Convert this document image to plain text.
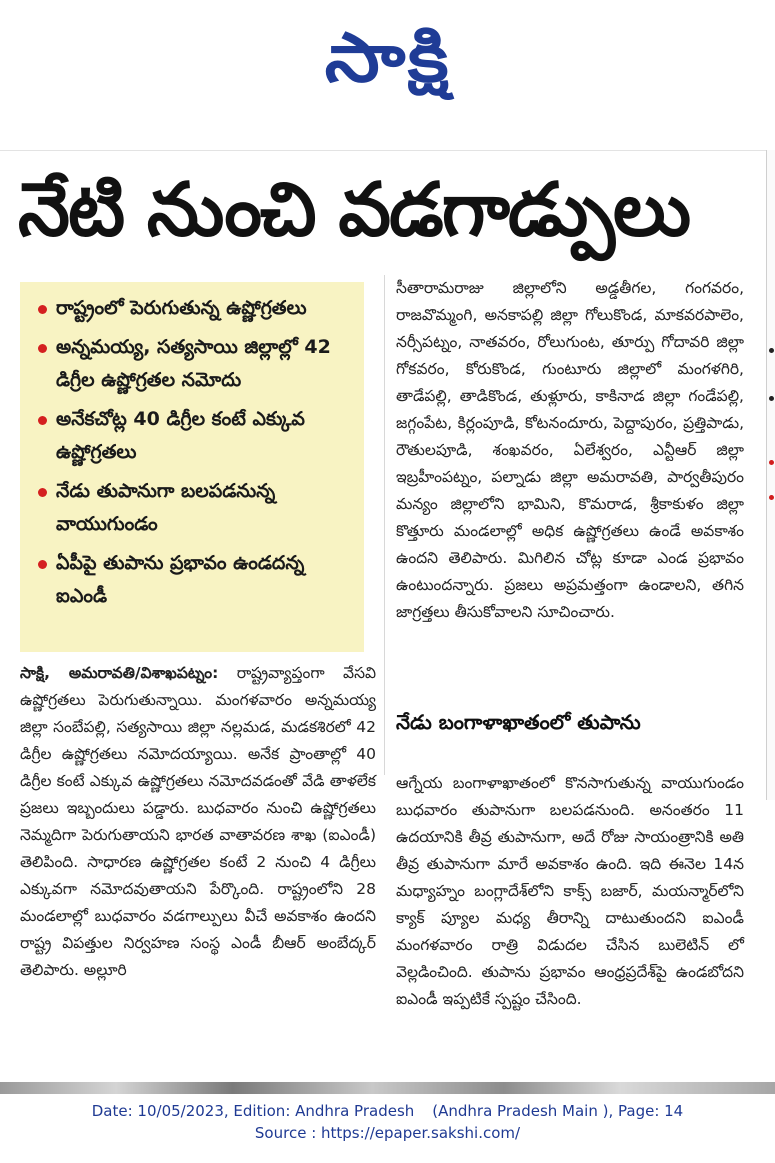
సాక్షి
నేటి నుంచి వడగాడ్పులు
రాష్ట్రంలో పెరుగుతున్న ఉష్ణోగ్రతలు
అన్నమయ్య, సత్యసాయి జిల్లాల్లో 42 డిగ్రీల ఉష్ణోగ్రతల నమోదు
అనేకచోట్ల 40 డిగ్రీల కంటే ఎక్కువ ఉష్ణోగ్రతలు
నేడు తుపానుగా బలపడనున్న వాయుగుండం
ఏపీపై తుపాను ప్రభావం ఉండదన్న ఐఎండీ
సాక్షి, అమరావతి/విశాఖపట్నం: రాష్ట్రవ్యాప్తంగా వేసవి ఉష్ణోగ్రతలు పెరుగుతున్నాయి. మంగళవారం అన్నమయ్య జిల్లా సంబేపల్లి, సత్యసాయి జిల్లా నల్లమడ, మడకశిరలో 42 డిగ్రీల ఉష్ణోగ్రతలు నమోదయ్యాయి. అనేక ప్రాంతాల్లో 40 డిగ్రీల కంటే ఎక్కువ ఉష్ణోగ్రతలు నమోదవడంతో వేడి తాళలేక ప్రజలు ఇబ్బందులు పడ్డారు. బుధవారం నుంచి ఉష్ణోగ్రతలు నెమ్మదిగా పెరుగుతాయని భారత వాతావరణ శాఖ (ఐఎండీ) తెలిపింది. సాధారణ ఉష్ణోగ్రతల కంటే 2 నుంచి 4 డిగ్రీలు ఎక్కువగా నమోదవుతాయని పేర్కొంది. రాష్ట్రంలోని 28 మండలాల్లో బుధవారం వడగాల్పులు వీచే అవకాశం ఉందని రాష్ట్ర విపత్తుల నిర్వహణ సంస్థ ఎండీ బీఆర్ అంబేద్కర్ తెలిపారు. అల్లూరి
సీతారామరాజు జిల్లాలోని అడ్డతీగల, గంగవరం, రాజవొమ్మంగి, అనకాపల్లి జిల్లా గోలుకొండ, మాకవరపాలెం, నర్సీపట్నం, నాతవరం, రోలుగుంట, తూర్పు గోదావరి జిల్లా గోకవరం, కోరుకొండ, గుంటూరు జిల్లాలో మంగళగిరి, తాడేపల్లి, తాడికొండ, తుళ్లూరు, కాకినాడ జిల్లా గండేపల్లి, జగ్గంపేట, కిర్లంపూడి, కోటనందూరు, పెద్దాపురం, ప్రత్తిపాడు, రౌతులపూడి, శంఖవరం, ఏలేశ్వరం, ఎన్టీఆర్ జిల్లా ఇబ్రహీంపట్నం, పల్నాడు జిల్లా అమరావతి, పార్వతీపురం మన్యం జిల్లాలోని భామిని, కొమరాడ, శ్రీకాకుళం జిల్లా కొత్తూరు మండలాల్లో అధిక ఉష్ణోగ్రతలు ఉండే అవకాశం ఉందని తెలిపారు. మిగిలిన చోట్ల కూడా ఎండ ప్రభావం ఉంటుందన్నారు. ప్రజలు అప్రమత్తంగా ఉండాలని, తగిన జాగ్రత్తలు తీసుకోవాలని సూచించారు.
నేడు బంగాళాఖాతంలో తుపాను
ఆగ్నేయ బంగాళాఖాతంలో కొనసాగుతున్న వాయుగుండం బుధవారం తుపానుగా బలపడనుంది. అనంతరం 11 ఉదయానికి తీవ్ర తుపానుగా, అదే రోజు సాయంత్రానికి అతి తీవ్ర తుపానుగా మారే అవకాశం ఉంది. ఇది ఈనెల 14న మధ్యాహ్నం బంగ్లాదేశ్‌లోని కాక్స్ బజార్, మయన్మార్‌లోని క్యాక్ ప్యూల మధ్య తీరాన్ని దాటుతుందని ఐఎండీ మంగళవారం రాత్రి విడుదల చేసిన బులెటిన్ లో వెల్లడించింది. తుపాను ప్రభావం ఆంధ్రప్రదేశ్‌పై ఉండబోదని ఐఎండీ ఇప్పటికే స్పష్టం చేసింది.
Date: 10/05/2023, Edition: Andhra Pradesh (Andhra Pradesh Main ), Page: 14
Source : https://epaper.sakshi.com/
